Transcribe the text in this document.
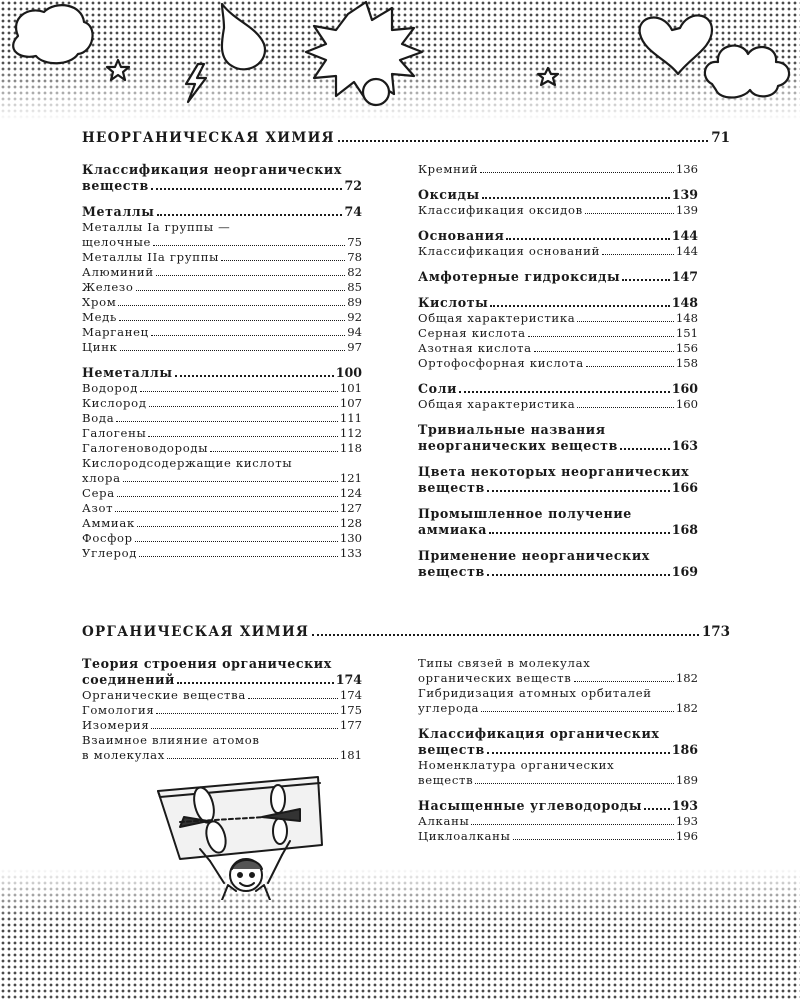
НЕОРГАНИЧЕСКАЯ ХИМИЯ	71
Классификация неорганических
веществ	72
Металлы	74
Металлы Ia группы —
щелочные	75
Металлы IIa группы	78
Алюминий	82
Железо	85
Хром	89
Медь	92
Марганец	94
Цинк	97
Неметаллы	100
Водород	101
Кислород	107
Вода	111
Галогены	112
Галогеноводороды	118
Кислородсодержащие кислоты
хлора	121
Сера	124
Азот	127
Аммиак	128
Фосфор	130
Углерод	133
Кремний	136
Оксиды	139
Классификация оксидов	139
Основания	144
Классификация оснований	144
Амфотерные гидроксиды	147
Кислоты	148
Общая характеристика	148
Серная кислота	151
Азотная кислота	156
Ортофосфорная кислота	158
Соли	160
Общая характеристика	160
Тривиальные названия
неорганических веществ	163
Цвета некоторых неорганических
веществ	166
Промышленное получение
аммиака	168
Применение неорганических
веществ	169
ОРГАНИЧЕСКАЯ ХИМИЯ	173
Теория строения органических
соединений	174
Органические вещества	174
Гомология	175
Изомерия	177
Взаимное влияние атомов
в молекулах	181
Типы связей в молекулах
органических веществ	182
Гибридизация атомных орбиталей
углерода	182
Классификация органических
веществ	186
Номенклатура органических
веществ	189
Насыщенные углеводороды 193
Алканы	193
Циклоалканы	196
